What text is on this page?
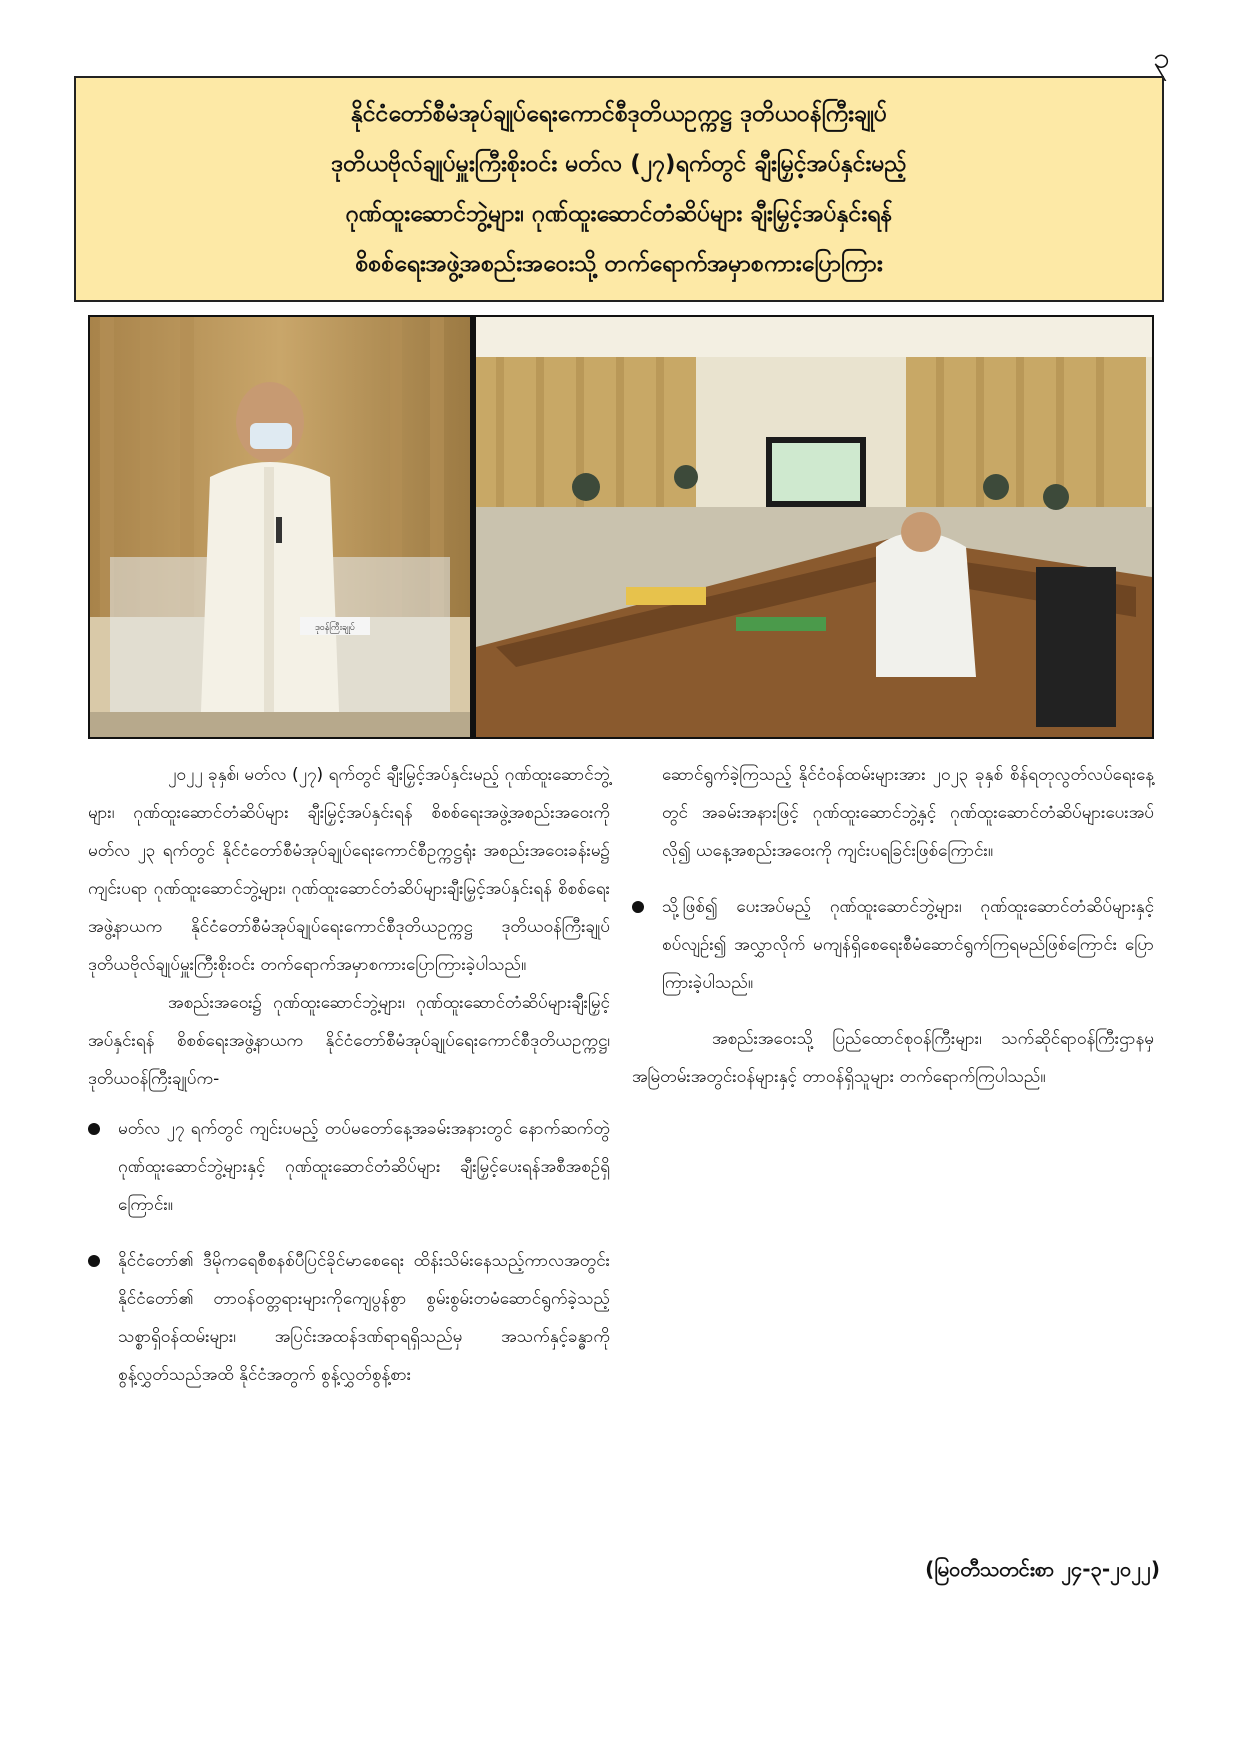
၃
နိုင်ငံတော်စီမံအုပ်ချုပ်ရေးကောင်စီဒုတိယဥက္ကဋ္ဌ ဒုတိယဝန်ကြီးချုပ်
ဒုတိယဗိုလ်ချုပ်မှူးကြီးစိုးဝင်း မတ်လ (၂၇)ရက်တွင် ချီးမြှင့်အပ်နှင်းမည့်
ဂုဏ်ထူးဆောင်ဘွဲ့များ၊ ဂုဏ်ထူးဆောင်တံဆိပ်များ ချီးမြှင့်အပ်နှင်းရန်
စိစစ်ရေးအဖွဲ့အစည်းအဝေးသို့ တက်ရောက်အမှာစကားပြောကြား
ဒုဝန်ကြီးချုပ်

၂၀၂၂ ခုနှစ်၊ မတ်လ (၂၇) ရက်တွင် ချီးမြှင့်အပ်နှင်းမည့် ဂုဏ်ထူးဆောင်ဘွဲ့များ၊ ဂုဏ်ထူးဆောင်တံဆိပ်များ ချီးမြှင့်အပ်နှင်းရန် စိစစ်ရေးအဖွဲ့အစည်းအဝေးကို မတ်လ ၂၃ ရက်တွင် နိုင်ငံတော်စီမံအုပ်ချုပ်ရေးကောင်စီဥက္ကဋ္ဌရုံး အစည်းအဝေးခန်းမ၌ ကျင်းပရာ ဂုဏ်ထူးဆောင်ဘွဲ့များ၊ ဂုဏ်ထူးဆောင်တံဆိပ်များချီးမြှင့်အပ်နှင်းရန် စိစစ်ရေးအဖွဲ့နာယက နိုင်ငံတော်စီမံအုပ်ချုပ်ရေးကောင်စီဒုတိယဥက္ကဋ္ဌ ဒုတိယဝန်ကြီးချုပ် ဒုတိယဗိုလ်ချုပ်မှူးကြီးစိုးဝင်း တက်ရောက်အမှာစကားပြောကြားခဲ့ပါသည်။

အစည်းအဝေး၌ ဂုဏ်ထူးဆောင်ဘွဲ့များ၊ ဂုဏ်ထူးဆောင်တံဆိပ်များချီးမြှင့်အပ်နှင်းရန် စိစစ်ရေးအဖွဲ့နာယက နိုင်ငံတော်စီမံအုပ်ချုပ်ရေးကောင်စီဒုတိယဥက္ကဋ္ဌ၊ ဒုတိယဝန်ကြီးချုပ်က-

မတ်လ ၂၇ ရက်တွင် ကျင်းပမည့် တပ်မတော်နေ့အခမ်းအနားတွင် နောက်ဆက်တွဲ ဂုဏ်ထူးဆောင်ဘွဲ့များနှင့် ဂုဏ်ထူးဆောင်တံဆိပ်များ ချီးမြှင့်ပေးရန်အစီအစဉ်ရှိကြောင်း။
နိုင်ငံတော်၏ ဒီမိုကရေစီစနစ်ပီပြင်ခိုင်မာစေရေး ထိန်းသိမ်းနေသည့်ကာလအတွင်း နိုင်ငံတော်၏ တာဝန်ဝတ္တရားများကိုကျေပွန်စွာ စွမ်းစွမ်းတမံဆောင်ရွက်ခဲ့သည့် သစ္စာရှိဝန်ထမ်းများ၊ အပြင်းအထန်ဒဏ်ရာရရှိသည်မှ အသက်နှင့်ခန္ဓာကို စွန့်လွှတ်သည်အထိ နိုင်ငံအတွက် စွန့်လွှတ်စွန့်စား
ဆောင်ရွက်ခဲ့ကြသည့် နိုင်ငံဝန်ထမ်းများအား ၂၀၂၃ ခုနှစ် စိန်ရတုလွတ်လပ်ရေးနေ့တွင် အခမ်းအနားဖြင့် ဂုဏ်ထူးဆောင်ဘွဲ့နှင့် ဂုဏ်ထူးဆောင်တံဆိပ်များပေးအပ်လို၍ ယနေ့အစည်းအဝေးကို ကျင်းပရခြင်းဖြစ်ကြောင်း။
သို့ဖြစ်၍ ပေးအပ်မည့် ဂုဏ်ထူးဆောင်ဘွဲ့များ၊ ဂုဏ်ထူးဆောင်တံဆိပ်များနှင့်စပ်လျဉ်း၍ အလွှာလိုက် မကျန်ရှိစေရေးစီမံဆောင်ရွက်ကြရမည်ဖြစ်ကြောင်း ပြောကြားခဲ့ပါသည်။

အစည်းအဝေးသို့ ပြည်ထောင်စုဝန်ကြီးများ၊ သက်ဆိုင်ရာဝန်ကြီးဌာနမှ အမြဲတမ်းအတွင်းဝန်များနှင့် တာဝန်ရှိသူများ တက်ရောက်ကြပါသည်။

(မြဝတီသတင်းစာ ၂၄-၃-၂၀၂၂)
